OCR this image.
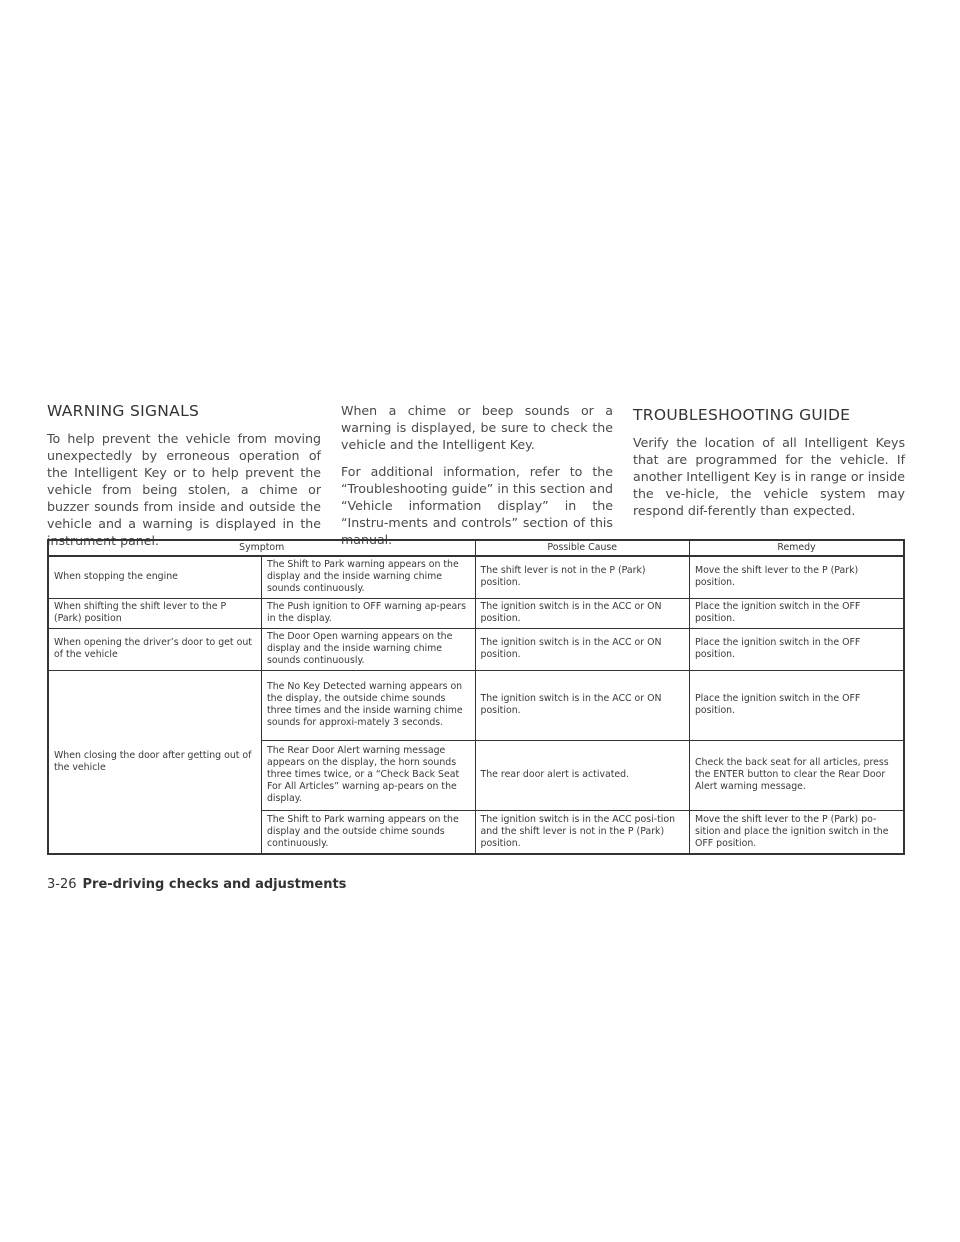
WARNING SIGNALS

To help prevent the vehicle from moving unexpectedly by erroneous operation of the Intelligent Key or to help prevent the vehicle from being stolen, a chime or buzzer sounds from inside and outside the vehicle and a warning is displayed in the instrument panel.

When a chime or beep sounds or a warning is displayed, be sure to check the vehicle and the Intelligent Key.

For additional information, refer to the “Troubleshooting guide” in this section and “Vehicle information display” in the “Instru-ments and controls” section of this manual.

TROUBLESHOOTING GUIDE

Verify the location of all Intelligent Keys that are programmed for the vehicle. If another Intelligent Key is in range or inside the ve-hicle, the vehicle system may respond dif-ferently than expected.

Symptom		Possible Cause	Remedy
When stopping the engine	The Shift to Park warning appears on the display and the inside warning chime sounds continuously.	The shift lever is not in the P (Park) position.	Move the shift lever to the P (Park) position.
When shifting the shift lever to the P (Park) position	The Push ignition to OFF warning ap-pears in the display.	The ignition switch is in the ACC or ON position.	Place the ignition switch in the OFF position.
When opening the driver’s door to get out of the vehicle	The Door Open warning appears on the display and the inside warning chime sounds continuously.	The ignition switch is in the ACC or ON position.	Place the ignition switch in the OFF position.
When closing the door after getting out of the vehicle	The No Key Detected warning appears on the display, the outside chime sounds three times and the inside warning chime sounds for approxi-mately 3 seconds.	The ignition switch is in the ACC or ON position.	Place the ignition switch in the OFF position.
	The Rear Door Alert warning message appears on the display, the horn sounds three times twice, or a “Check Back Seat For All Articles” warning ap-pears on the display.	The rear door alert is activated.	Check the back seat for all articles, press the ENTER button to clear the Rear Door Alert warning message.
	The Shift to Park warning appears on the display and the outside chime sounds continuously.	The ignition switch is in the ACC posi-tion and the shift lever is not in the P (Park) position.	Move the shift lever to the P (Park) po-sition and place the ignition switch in the OFF position.
3-26 Pre-driving checks and adjustments
